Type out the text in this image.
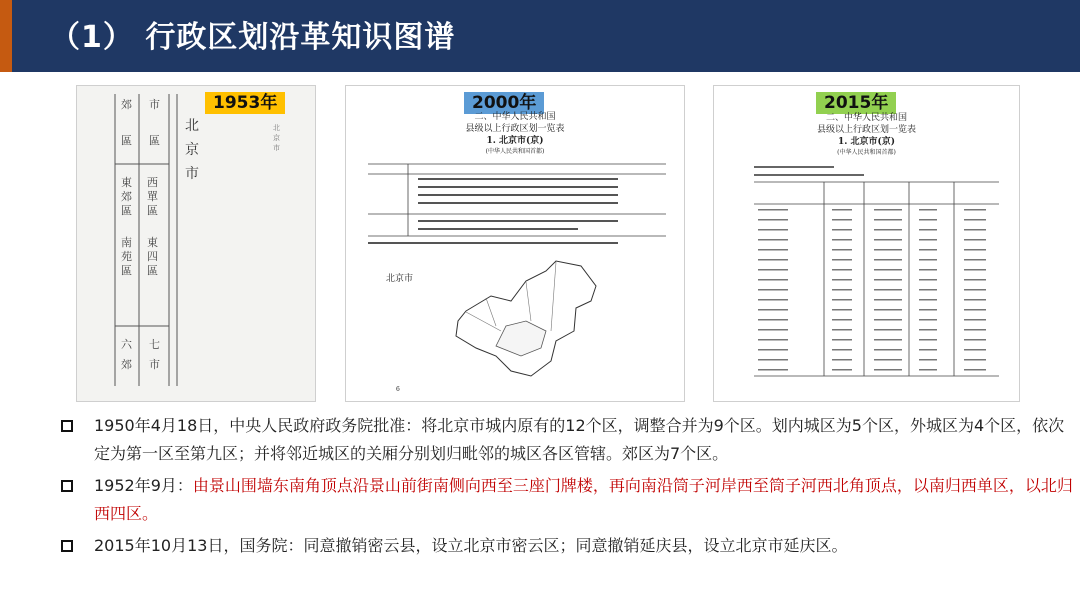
（1） 行政区划沿革知识图谱
1953年
郊 市
區 區
東
郊
區
南
苑
區
西
單
區
東
四
區
六 七
郊 市
北
京
市
北
京
市
2000年
二、中华人民共和国
县级以上行政区划一览表
1. 北京市(京)
(中华人民共和国首都)
北京市
6
2015年
二、中华人民共和国
县级以上行政区划一览表
1. 北京市(京)
(中华人民共和国首都)
1950年4月18日，中央人民政府政务院批准：将北京市城内原有的12个区，调整合并为9个区。划内城区为5个区，外城区为4个区，依次定为第一区至第九区；并将邻近城区的关厢分别划归毗邻的城区各区管辖。郊区为7个区。
1952年9月：由景山围墙东南角顶点沿景山前街南侧向西至三座门牌楼，再向南沿筒子河岸西至筒子河西北角顶点，以南归西单区，以北归西四区。
2015年10月13日，国务院：同意撤销密云县，设立北京市密云区；同意撤销延庆县，设立北京市延庆区。
